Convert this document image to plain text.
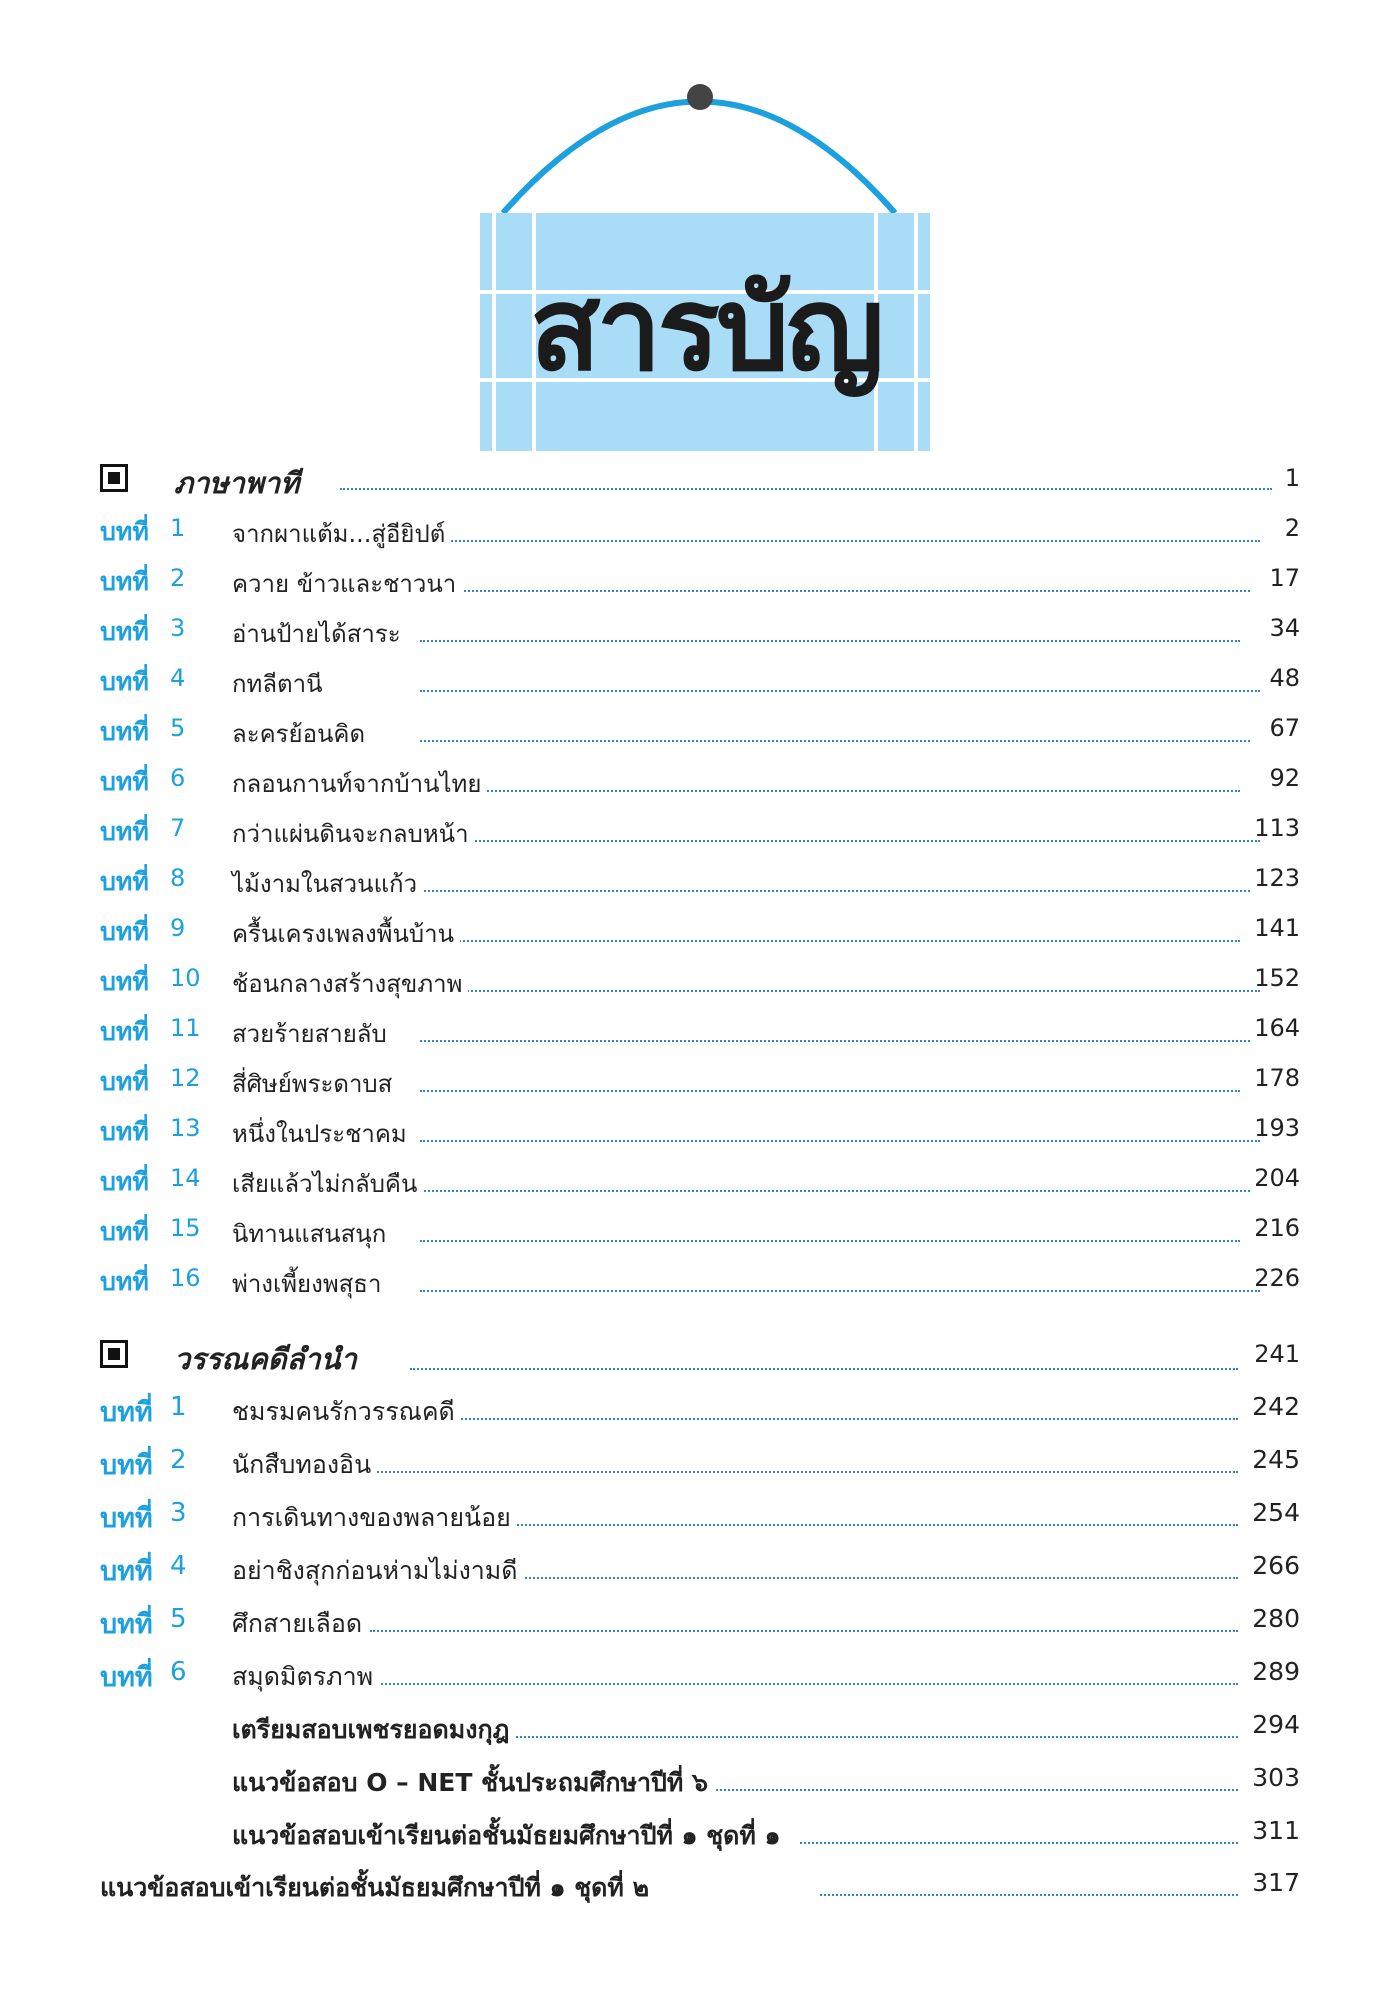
สารบัญ
ภาษาพาที	1
บทที่ 1 จากผาแต้ม...สู่อียิปต์	2
บทที่ 2 ควาย ข้าวและชาวนา	17
บทที่ 3 อ่านป้ายได้สาระ	34
บทที่ 4 กทลีตานี	48
บทที่ 5 ละครย้อนคิด	67
บทที่ 6 กลอนกานท์จากบ้านไทย	92
บทที่ 7 กว่าแผ่นดินจะกลบหน้า	113
บทที่ 8 ไม้งามในสวนแก้ว	123
บทที่ 9 ครื้นเครงเพลงพื้นบ้าน	141
บทที่ 10 ช้อนกลางสร้างสุขภาพ	152
บทที่ 11 สวยร้ายสายลับ	164
บทที่ 12 สี่ศิษย์พระดาบส	178
บทที่ 13 หนึ่งในประชาคม	193
บทที่ 14 เสียแล้วไม่กลับคืน	204
บทที่ 15 นิทานแสนสนุก	216
บทที่ 16 พ่างเพี้ยงพสุธา	226
วรรณคดีลำนำ	241
บทที่ 1 ชมรมคนรักวรรณคดี	242
บทที่ 2 นักสืบทองอิน	245
บทที่ 3 การเดินทางของพลายน้อย	254
บทที่ 4 อย่าชิงสุกก่อนห่ามไม่งามดี	266
บทที่ 5 ศึกสายเลือด	280
บทที่ 6 สมุดมิตรภาพ	289
เตรียมสอบเพชรยอดมงกุฎ	294
แนวข้อสอบ O – NET ชั้นประถมศึกษาปีที่ ๖	303
แนวข้อสอบเข้าเรียนต่อชั้นมัธยมศึกษาปีที่ ๑ ชุดที่ ๑	311
แนวข้อสอบเข้าเรียนต่อชั้นมัธยมศึกษาปีที่ ๑ ชุดที่ ๒	317
